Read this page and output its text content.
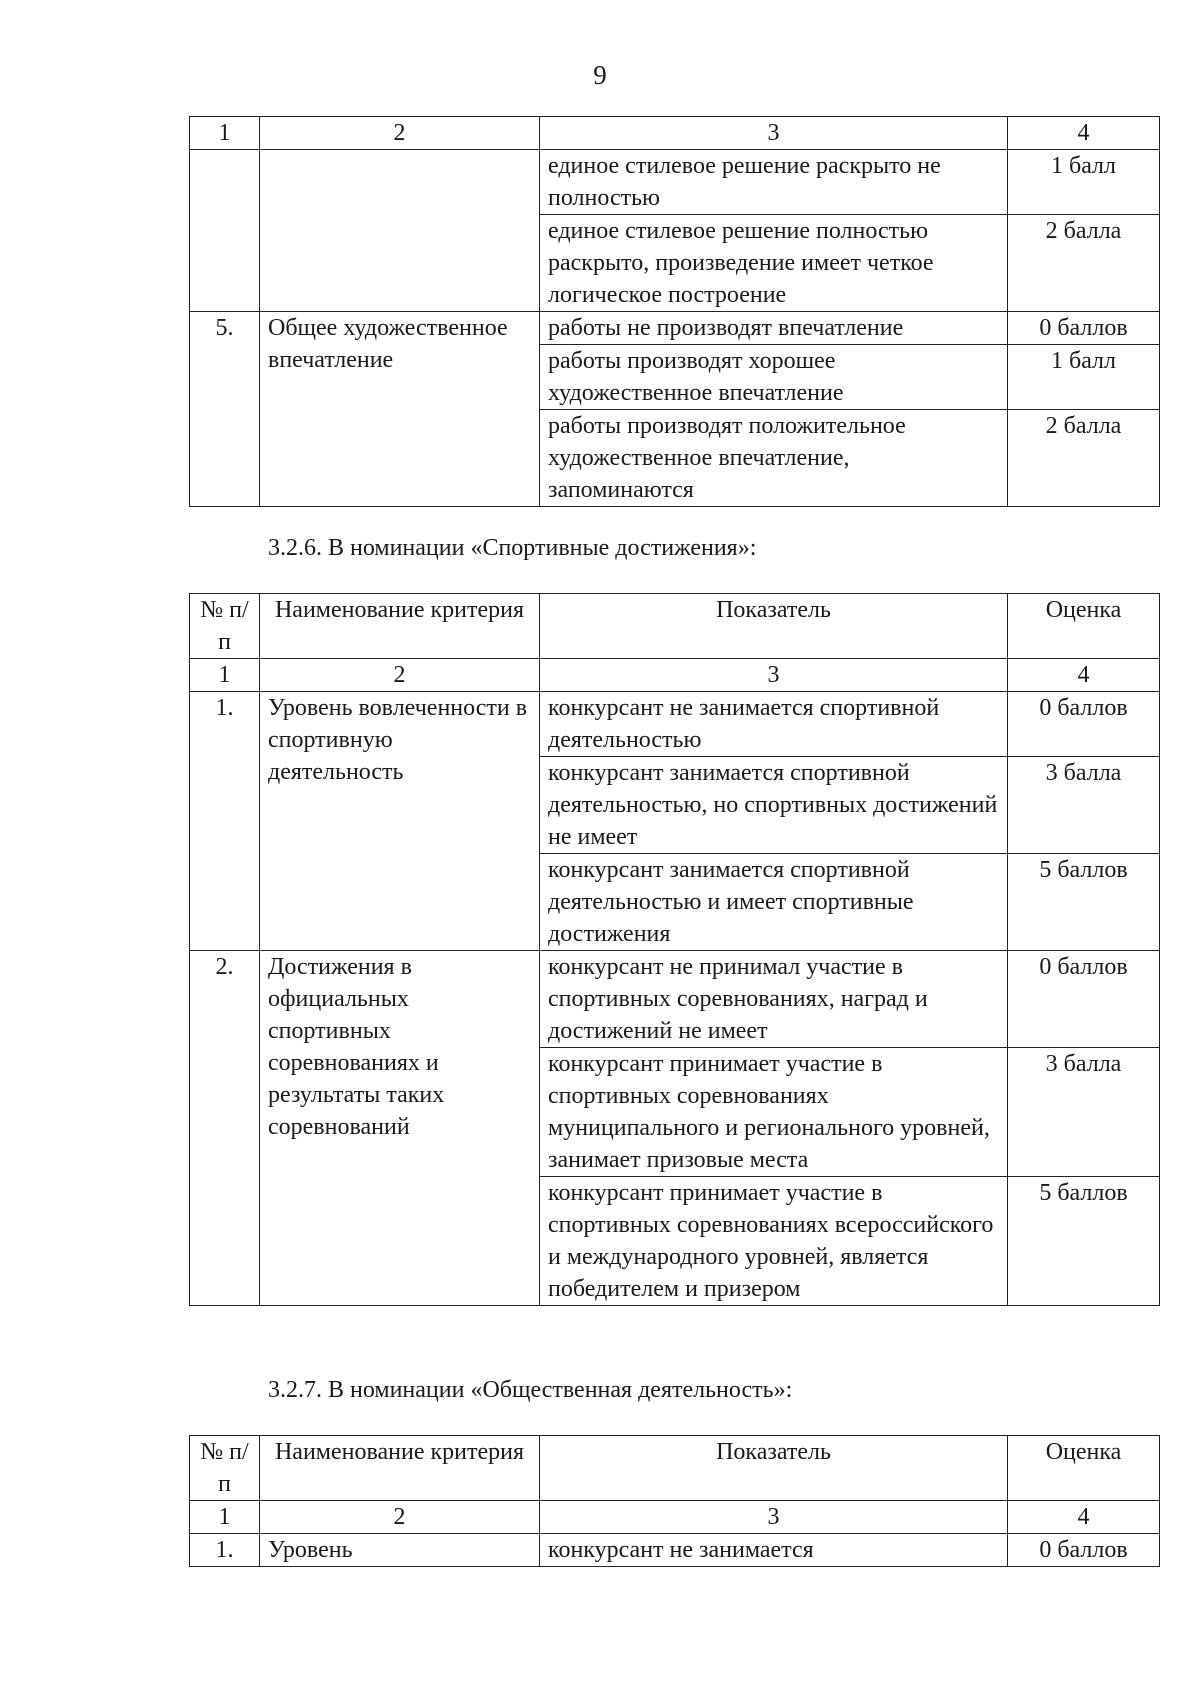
9
1	2	3	4
		единое стилевое решение раскрыто не полностью	1 балл
		единое стилевое решение полностью раскрыто, произведение имеет четкое логическое построение	2 балла
5.	Общее художественное впечатление	работы не производят впечатление	0 баллов
		работы производят хорошее художественное впечатление	1 балл
		работы производят положительное художественное впечатление, запоминаются	2 балла
3.2.6. В номинации «Спортивные достижения»:
№ п/п	Наименование критерия	Показатель	Оценка
1	2	3	4
1.	Уровень вовлеченности в спортивную деятельность	конкурсант не занимается спортивной деятельностью	0 баллов
		конкурсант занимается спортивной деятельностью, но спортивных достижений не имеет	3 балла
		конкурсант занимается спортивной деятельностью и имеет спортивные достижения	5 баллов
2.	Достижения в официальных спортивных соревнованиях и результаты таких соревнований	конкурсант не принимал участие в спортивных соревнованиях, наград и достижений не имеет	0 баллов
		конкурсант принимает участие в спортивных соревнованиях муниципального и регионального уровней, занимает призовые места	3 балла
		конкурсант принимает участие в спортивных соревнованиях всероссийского и международного уровней, является победителем и призером	5 баллов
3.2.7. В номинации «Общественная деятельность»:
№ п/п	Наименование критерия	Показатель	Оценка
1	2	3	4
1.	Уровень	конкурсант не занимается	0 баллов
